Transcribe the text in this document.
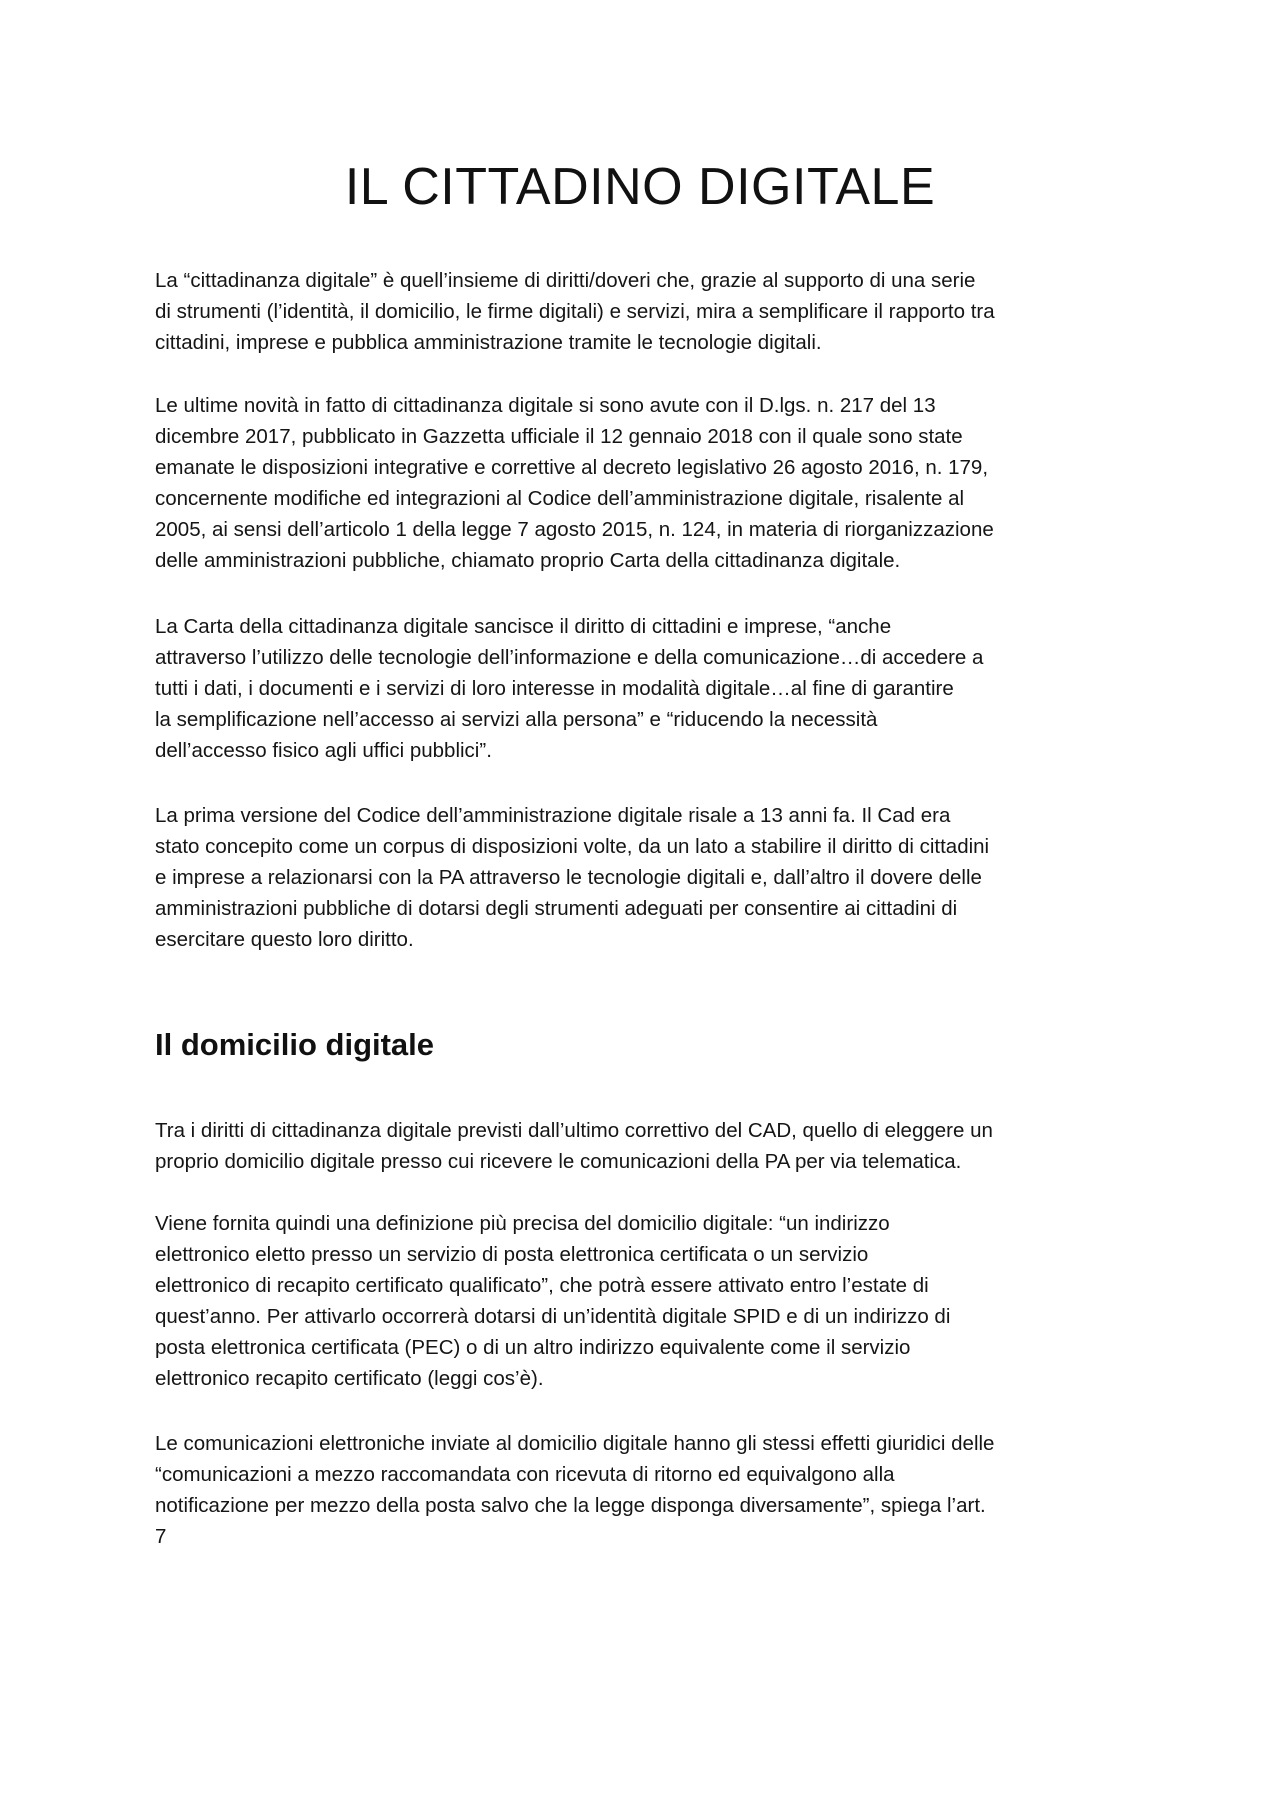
IL CITTADINO DIGITALE

La “cittadinanza digitale” è quell’insieme di diritti/doveri che, grazie al supporto di una serie
di strumenti (l’identità, il domicilio, le firme digitali) e servizi, mira a semplificare il rapporto tra
cittadini, imprese e pubblica amministrazione tramite le tecnologie digitali.

Le ultime novità in fatto di cittadinanza digitale si sono avute con il D.lgs. n. 217 del 13
dicembre 2017, pubblicato in Gazzetta ufficiale il 12 gennaio 2018 con il quale sono state
emanate le disposizioni integrative e correttive al decreto legislativo 26 agosto 2016, n. 179,
concernente modifiche ed integrazioni al Codice dell’amministrazione digitale, risalente al
2005, ai sensi dell’articolo 1 della legge 7 agosto 2015, n. 124, in materia di riorganizzazione
delle amministrazioni pubbliche, chiamato proprio Carta della cittadinanza digitale.

La Carta della cittadinanza digitale sancisce il diritto di cittadini e imprese, “anche
attraverso l’utilizzo delle tecnologie dell’informazione e della comunicazione…di accedere a
tutti i dati, i documenti e i servizi di loro interesse in modalità digitale…al fine di garantire
la semplificazione nell’accesso ai servizi alla persona” e “riducendo la necessità
dell’accesso fisico agli uffici pubblici”.

La prima versione del Codice dell’amministrazione digitale risale a 13 anni fa. Il Cad era
stato concepito come un corpus di disposizioni volte, da un lato a stabilire il diritto di cittadini
e imprese a relazionarsi con la PA attraverso le tecnologie digitali e, dall’altro il dovere delle
amministrazioni pubbliche di dotarsi degli strumenti adeguati per consentire ai cittadini di
esercitare questo loro diritto.

Il domicilio digitale

Tra i diritti di cittadinanza digitale previsti dall’ultimo correttivo del CAD, quello di eleggere un
proprio domicilio digitale presso cui ricevere le comunicazioni della PA per via telematica.

Viene fornita quindi una definizione più precisa del domicilio digitale: “un indirizzo
elettronico eletto presso un servizio di posta elettronica certificata o un servizio
elettronico di recapito certificato qualificato”, che potrà essere attivato entro l’estate di
quest’anno. Per attivarlo occorrerà dotarsi di un’identità digitale SPID e di un indirizzo di
posta elettronica certificata (PEC) o di un altro indirizzo equivalente come il servizio
elettronico recapito certificato (leggi cos’è).

Le comunicazioni elettroniche inviate al domicilio digitale hanno gli stessi effetti giuridici delle
“comunicazioni a mezzo raccomandata con ricevuta di ritorno ed equivalgono alla
notificazione per mezzo della posta salvo che la legge disponga diversamente”, spiega l’art.
7
